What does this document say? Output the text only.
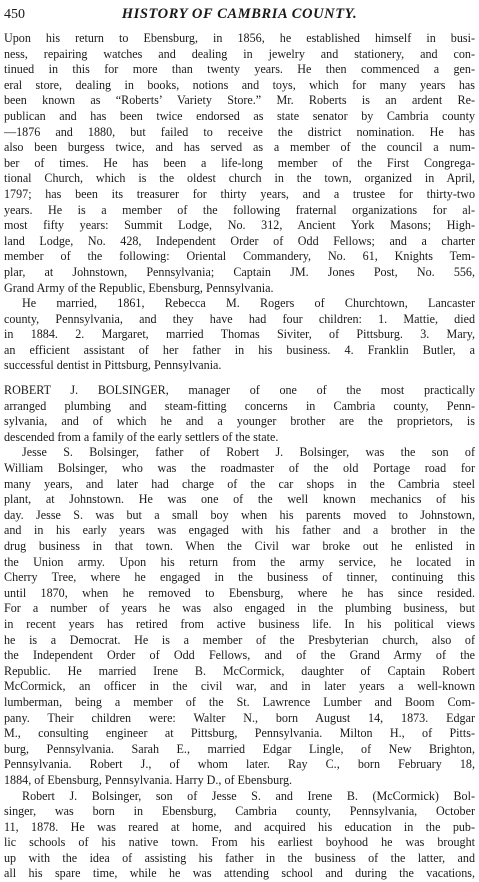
450	HISTORY OF CAMBRIA COUNTY.
Upon his return to Ebensburg, in 1856, he established himself in busi-
ness, repairing watches and dealing in jewelry and stationery, and con-
tinued in this for more than twenty years. He then commenced a gen-
eral store, dealing in books, notions and toys, which for many years has
been known as “Roberts’ Variety Store.” Mr. Roberts is an ardent Re-
publican and has been twice endorsed as state senator by Cambria county
—1876 and 1880, but failed to receive the district nomination. He has
also been burgess twice, and has served as a member of the council a num-
ber of times. He has been a life-long member of the First Congrega-
tional Church, which is the oldest church in the town, organized in April,
1797; has been its treasurer for thirty years, and a trustee for thirty-two
years. He is a member of the following fraternal organizations for al-
most fifty years: Summit Lodge, No. 312, Ancient York Masons; High-
land Lodge, No. 428, Independent Order of Odd Fellows; and a charter
member of the following: Oriental Commandery, No. 61, Knights Tem-
plar, at Johnstown, Pennsylvania; Captain JM. Jones Post, No. 556,
Grand Army of the Republic, Ebensburg, Pennsylvania.
He married, 1861, Rebecca M. Rogers of Churchtown, Lancaster
county, Pennsylvania, and they have had four children: 1. Mattie, died
in 1884. 2. Margaret, married Thomas Siviter, of Pittsburg. 3. Mary,
an efficient assistant of her father in his business. 4. Franklin Butler, a
successful dentist in Pittsburg, Pennsylvania.
ROBERT J. BOLSINGER, manager of one of the most practically
arranged plumbing and steam-fitting concerns in Cambria county, Penn-
sylvania, and of which he and a younger brother are the proprietors, is
descended from a family of the early settlers of the state.
Jesse S. Bolsinger, father of Robert J. Bolsinger, was the son of
William Bolsinger, who was the roadmaster of the old Portage road for
many years, and later had charge of the car shops in the Cambria steel
plant, at Johnstown. He was one of the well known mechanics of his
day. Jesse S. was but a small boy when his parents moved to Johnstown,
and in his early years was engaged with his father and a brother in the
drug business in that town. When the Civil war broke out he enlisted in
the Union army. Upon his return from the army service, he located in
Cherry Tree, where he engaged in the business of tinner, continuing this
until 1870, when he removed to Ebensburg, where he has since resided.
For a number of years he was also engaged in the plumbing business, but
in recent years has retired from active business life. In his political views
he is a Democrat. He is a member of the Presbyterian church, also of
the Independent Order of Odd Fellows, and of the Grand Army of the
Republic. He married Irene B. McCormick, daughter of Captain Robert
McCormick, an officer in the civil war, and in later years a well-known
lumberman, being a member of the St. Lawrence Lumber and Boom Com-
pany. Their children were: Walter N., born August 14, 1873. Edgar
M., consulting engineer at Pittsburg, Pennsylvania. Milton H., of Pitts-
burg, Pennsylvania. Sarah E., married Edgar Lingle, of New Brighton,
Pennsylvania. Robert J., of whom later. Ray C., born February 18,
1884, of Ebensburg, Pennsylvania. Harry D., of Ebensburg.
Robert J. Bolsinger, son of Jesse S. and Irene B. (McCormick) Bol-
singer, was born in Ebensburg, Cambria county, Pennsylvania, October
11, 1878. He was reared at home, and acquired his education in the pub-
lic schools of his native town. From his earliest boyhood he was brought
up with the idea of assisting his father in the business of the latter, and
all his spare time, while he was attending school and during the vacations,
